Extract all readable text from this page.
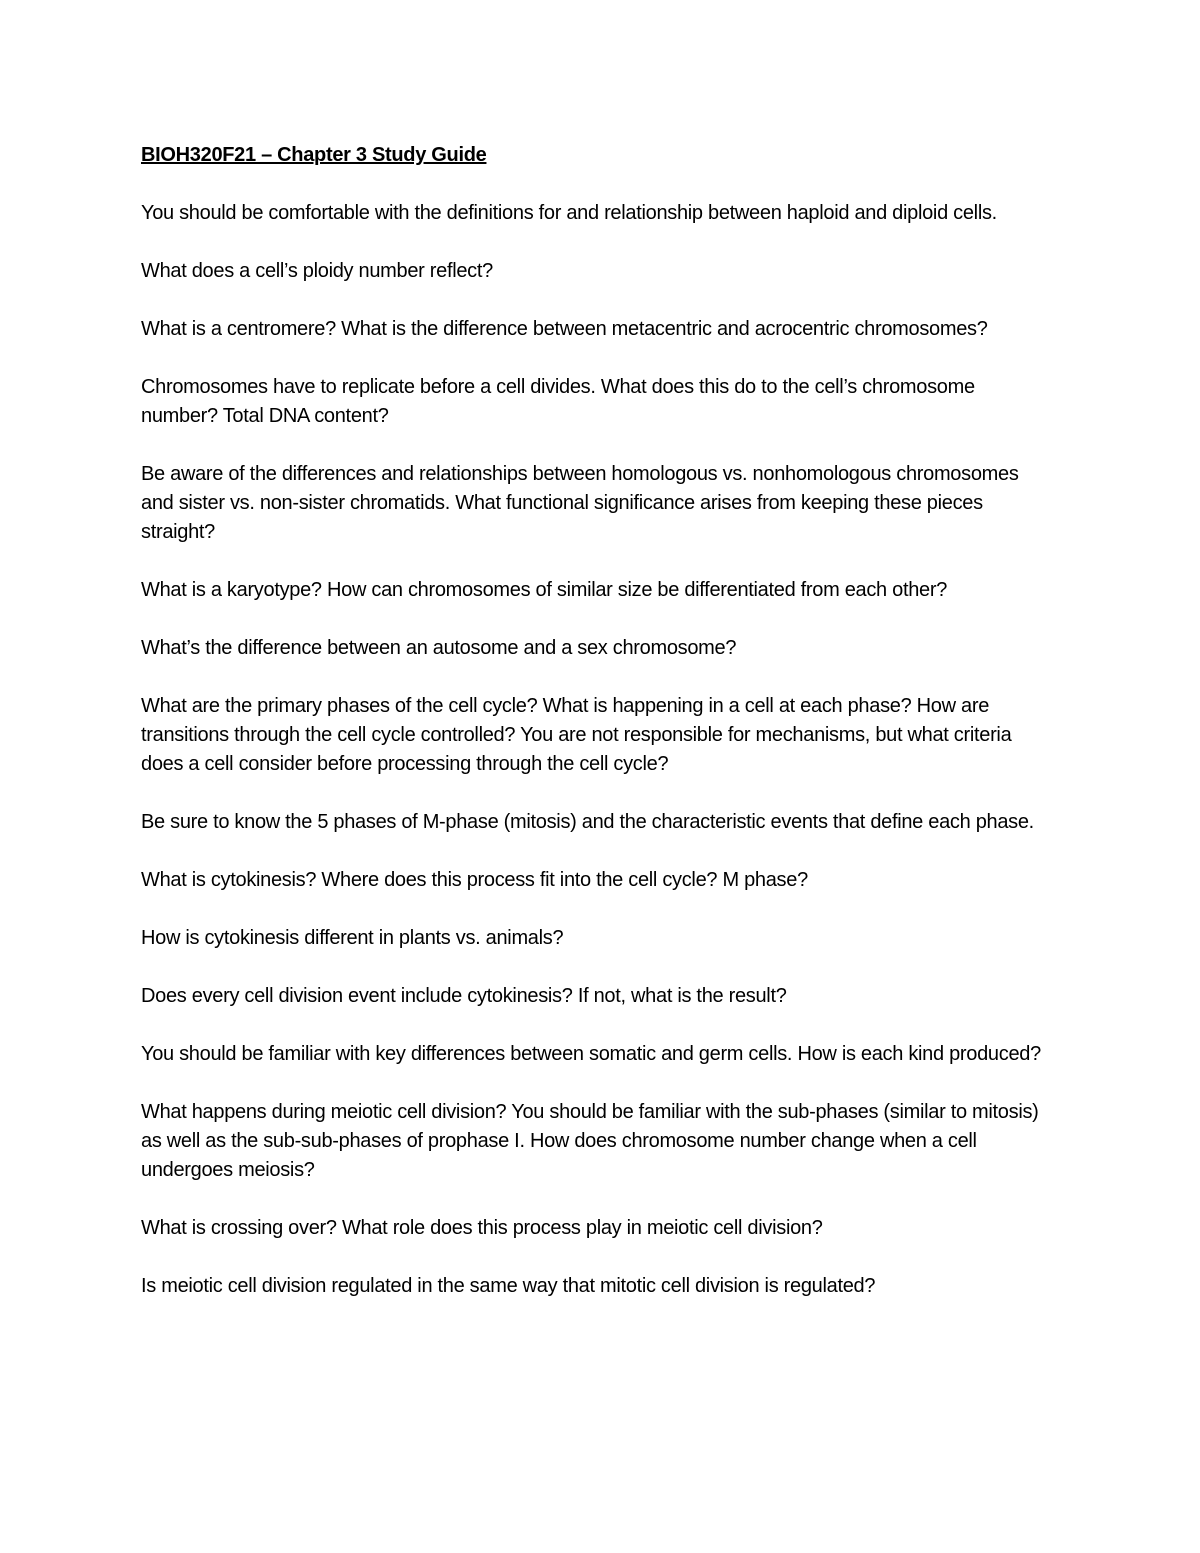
BIOH320F21 – Chapter 3 Study Guide

You should be comfortable with the definitions for and relationship between haploid and diploid cells.

What does a cell’s ploidy number reflect?

What is a centromere? What is the difference between metacentric and acrocentric chromosomes?

Chromosomes have to replicate before a cell divides. What does this do to the cell’s chromosome number? Total DNA content?

Be aware of the differences and relationships between homologous vs. nonhomologous chromosomes and sister vs. non-sister chromatids. What functional significance arises from keeping these pieces straight?

What is a karyotype? How can chromosomes of similar size be differentiated from each other?

What’s the difference between an autosome and a sex chromosome?

What are the primary phases of the cell cycle? What is happening in a cell at each phase? How are transitions through the cell cycle controlled? You are not responsible for mechanisms, but what criteria does a cell consider before processing through the cell cycle?

Be sure to know the 5 phases of M-phase (mitosis) and the characteristic events that define each phase.

What is cytokinesis? Where does this process fit into the cell cycle? M phase?

How is cytokinesis different in plants vs. animals?

Does every cell division event include cytokinesis? If not, what is the result?

You should be familiar with key differences between somatic and germ cells. How is each kind produced?

What happens during meiotic cell division? You should be familiar with the sub-phases (similar to mitosis) as well as the sub-sub-phases of prophase I. How does chromosome number change when a cell undergoes meiosis?

What is crossing over? What role does this process play in meiotic cell division?

Is meiotic cell division regulated in the same way that mitotic cell division is regulated?
